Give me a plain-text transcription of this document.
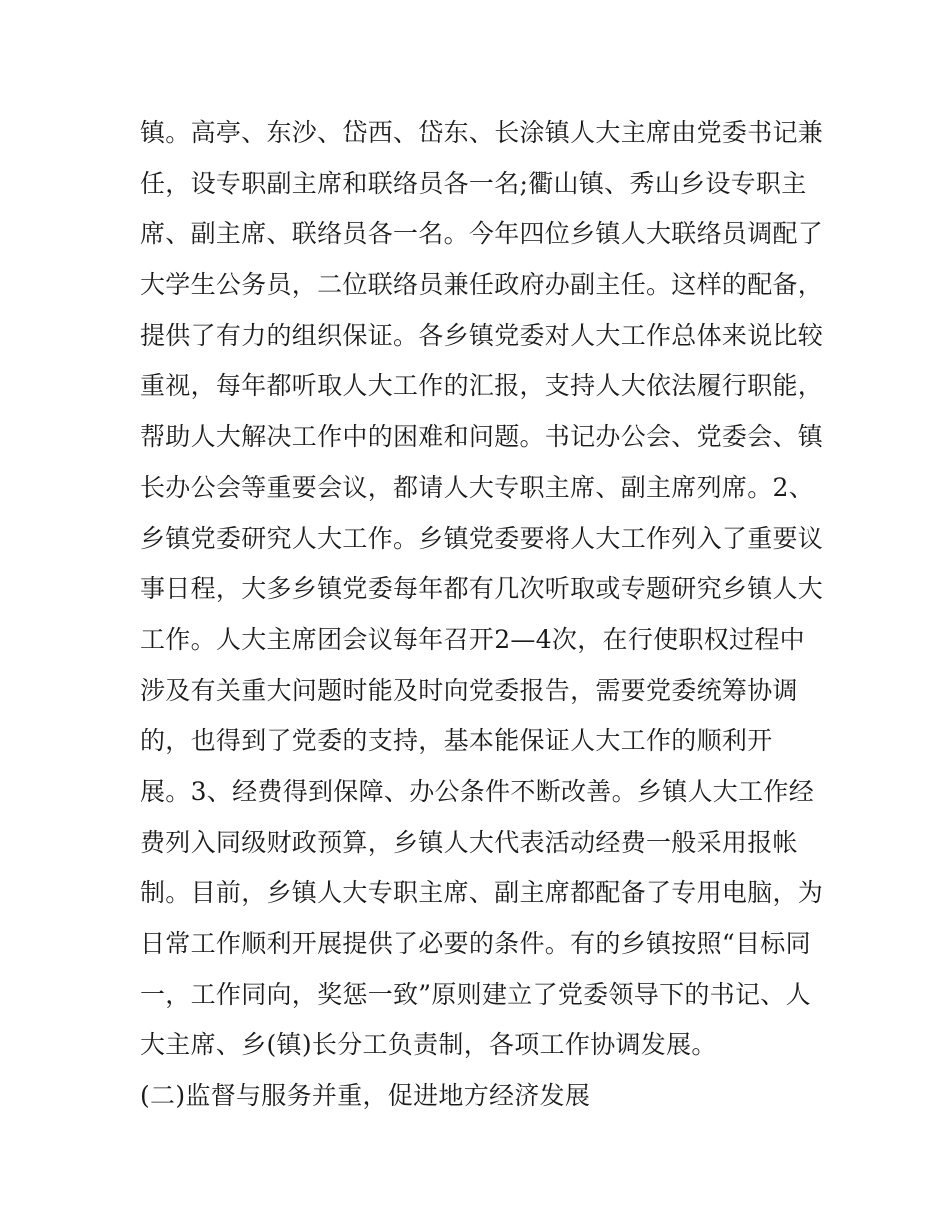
镇。高亭、东沙、岱西、岱东、长涂镇人大主席由党委书记兼
任，设专职副主席和联络员各一名;衢山镇、秀山乡设专职主
席、副主席、联络员各一名。今年四位乡镇人大联络员调配了
大学生公务员，二位联络员兼任政府办副主任。这样的配备，
提供了有力的组织保证。各乡镇党委对人大工作总体来说比较
重视，每年都听取人大工作的汇报，支持人大依法履行职能，
帮助人大解决工作中的困难和问题。书记办公会、党委会、镇
长办公会等重要会议，都请人大专职主席、副主席列席。2、
乡镇党委研究人大工作。乡镇党委要将人大工作列入了重要议
事日程，大多乡镇党委每年都有几次听取或专题研究乡镇人大
工作。人大主席团会议每年召开2—4次，在行使职权过程中
涉及有关重大问题时能及时向党委报告，需要党委统筹协调
的，也得到了党委的支持，基本能保证人大工作的顺利开
展。3、经费得到保障、办公条件不断改善。乡镇人大工作经
费列入同级财政预算，乡镇人大代表活动经费一般采用报帐
制。目前，乡镇人大专职主席、副主席都配备了专用电脑，为
日常工作顺利开展提供了必要的条件。有的乡镇按照“目标同
一，工作同向，奖惩一致”原则建立了党委领导下的书记、人
大主席、乡(镇)长分工负责制，各项工作协调发展。
(二)监督与服务并重，促进地方经济发展
